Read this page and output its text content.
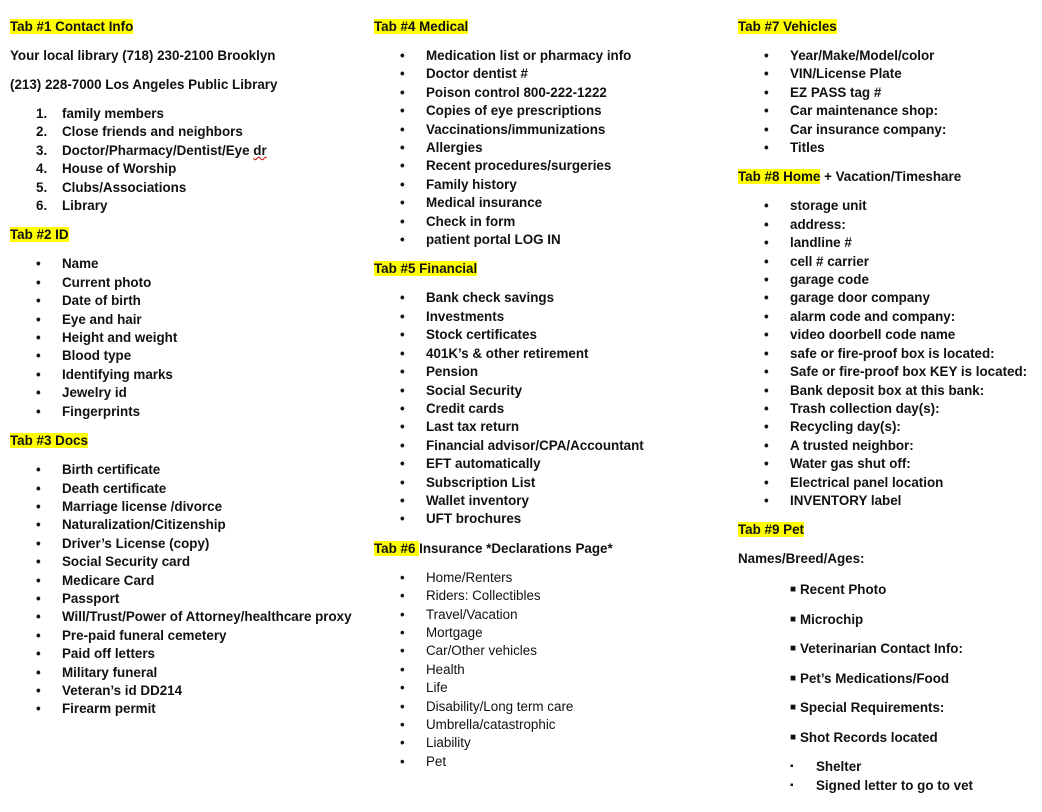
Tab #1 Contact Info
Your local library (718) 230-2100 Brooklyn
(213) 228-7000 Los Angeles Public Library
1. family members
2. Close friends and neighbors
3. Doctor/Pharmacy/Dentist/Eye dr
4. House of Worship
5. Clubs/Associations
6. Library
Tab #2 ID
• Name
• Current photo
• Date of birth
• Eye and hair
• Height and weight
• Blood type
• Identifying marks
• Jewelry id
• Fingerprints
Tab #3 Docs
• Birth certificate
• Death certificate
• Marriage license /divorce
• Naturalization/Citizenship
• Driver’s License (copy)
• Social Security card
• Medicare Card
• Passport
• Will/Trust/Power of Attorney/healthcare proxy
• Pre-paid funeral cemetery
• Paid off letters
• Military funeral
• Veteran’s id DD214
• Firearm permit
Tab #4 Medical
• Medication list or pharmacy info
• Doctor dentist #
• Poison control 800-222-1222
• Copies of eye prescriptions
• Vaccinations/immunizations
• Allergies
• Recent procedures/surgeries
• Family history
• Medical insurance
• Check in form
• patient portal LOG IN
Tab #5 Financial
• Bank check savings
• Investments
• Stock certificates
• 401K’s & other retirement
• Pension
• Social Security
• Credit cards
• Last tax return
• Financial advisor/CPA/Accountant
• EFT automatically
• Subscription List
• Wallet inventory
• UFT brochures
Tab #6 Insurance *Declarations Page*
• Home/Renters
• Riders: Collectibles
• Travel/Vacation
• Mortgage
• Car/Other vehicles
• Health
• Life
• Disability/Long term care
• Umbrella/catastrophic
• Liability
• Pet
Tab #7 Vehicles
• Year/Make/Model/color
• VIN/License Plate
• EZ PASS tag #
• Car maintenance shop:
• Car insurance company:
• Titles
Tab #8 Home + Vacation/Timeshare
• storage unit
• address:
• landline #
• cell # carrier
• garage code
• garage door company
• alarm code and company:
• video doorbell code name
• safe or fire-proof box is located:
• Safe or fire-proof box KEY is located:
• Bank deposit box at this bank:
• Trash collection day(s):
• Recycling day(s):
• A trusted neighbor:
• Water gas shut off:
• Electrical panel location
• INVENTORY label
Tab #9 Pet
Names/Breed/Ages:
■ Recent Photo
■ Microchip
■ Veterinarian Contact Info:
■ Pet’s Medications/Food
■ Special Requirements:
■ Shot Records located
▪ Shelter
▪ Signed letter to go to vet
